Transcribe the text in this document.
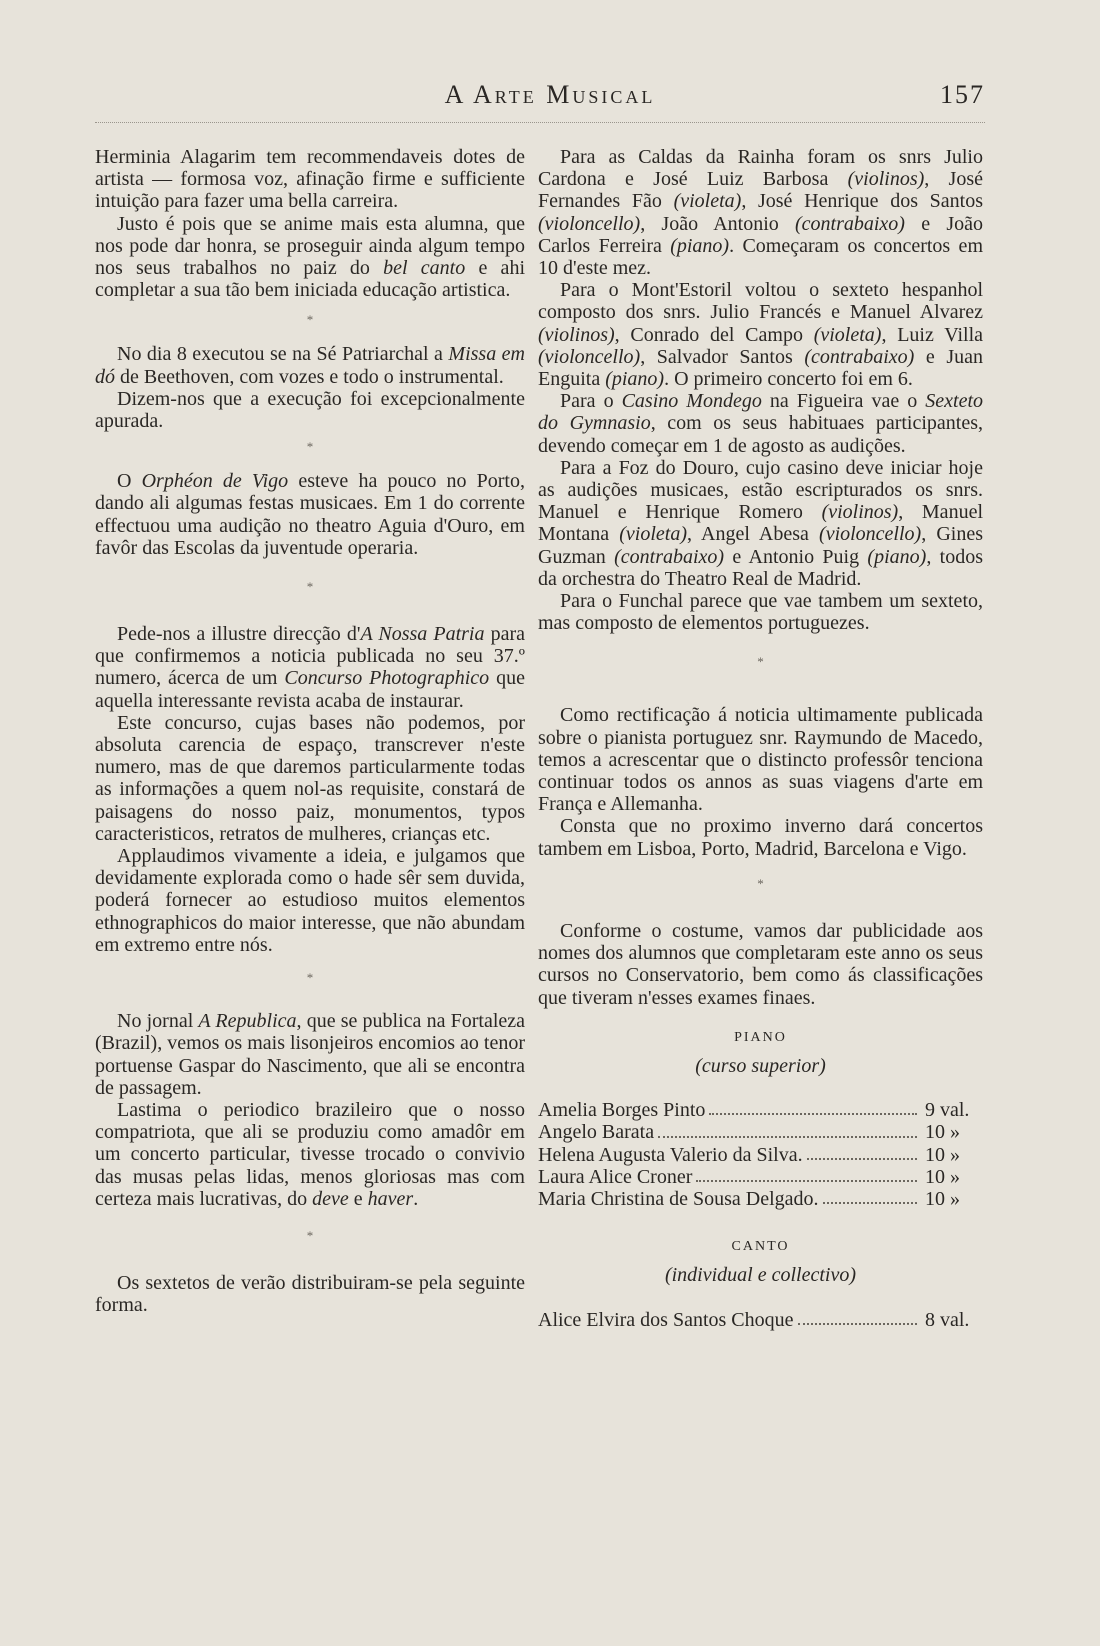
A Arte Musical	157

Herminia Alagarim tem recommendaveis dotes de artista — formosa voz, afinação firme e sufficiente intuição para fazer uma bella carreira.

Justo é pois que se anime mais esta alumna, que nos pode dar honra, se proseguir ainda algum tempo nos seus trabalhos no paiz do bel canto e ahi completar a sua tão bem iniciada educação artistica.

*

No dia 8 executou se na Sé Patriarchal a Missa em dó de Beethoven, com vozes e todo o instrumental.

Dizem-nos que a execução foi excepcionalmente apurada.

*

O Orphéon de Vigo esteve ha pouco no Porto, dando ali algumas festas musicaes. Em 1 do corrente effectuou uma audição no theatro Aguia d'Ouro, em favôr das Escolas da juventude operaria.

*

Pede-nos a illustre direcção d'A Nossa Patria para que confirmemos a noticia publicada no seu 37.º numero, ácerca de um Concurso Photographico que aquella interessante revista acaba de instaurar.

Este concurso, cujas bases não podemos, por absoluta carencia de espaço, transcrever n'este numero, mas de que daremos particularmente todas as informações a quem nol-as requisite, constará de paisagens do nosso paiz, monumentos, typos caracteristicos, retratos de mulheres, crianças etc.

Applaudimos vivamente a ideia, e julgamos que devidamente explorada como o hade sêr sem duvida, poderá fornecer ao estudioso muitos elementos ethnographicos do maior interesse, que não abundam em extremo entre nós.

*

No jornal A Republica, que se publica na Fortaleza (Brazil), vemos os mais lisonjeiros encomios ao tenor portuense Gaspar do Nascimento, que ali se encontra de passagem.

Lastima o periodico brazileiro que o nosso compatriota, que ali se produziu como amadôr em um concerto particular, tivesse trocado o convivio das musas pelas lidas, menos gloriosas mas com certeza mais lucrativas, do deve e haver.

*

Os sextetos de verão distribuiram-se pela seguinte forma.

Para as Caldas da Rainha foram os snrs Julio Cardona e José Luiz Barbosa (violinos), José Fernandes Fão (violeta), José Henrique dos Santos (violoncello), João Antonio (contrabaixo) e João Carlos Ferreira (piano). Começaram os concertos em 10 d'este mez.

Para o Mont'Estoril voltou o sexteto hespanhol composto dos snrs. Julio Francés e Manuel Alvarez (violinos), Conrado del Campo (violeta), Luiz Villa (violoncello), Salvador Santos (contrabaixo) e Juan Enguita (piano). O primeiro concerto foi em 6.

Para o Casino Mondego na Figueira vae o Sexteto do Gymnasio, com os seus habituaes participantes, devendo começar em 1 de agosto as audições.

Para a Foz do Douro, cujo casino deve iniciar hoje as audições musicaes, estão escripturados os snrs. Manuel e Henrique Romero (violinos), Manuel Montana (violeta), Angel Abesa (violoncello), Gines Guzman (contrabaixo) e Antonio Puig (piano), todos da orchestra do Theatro Real de Madrid.

Para o Funchal parece que vae tambem um sexteto, mas composto de elementos portuguezes.

*

Como rectificação á noticia ultimamente publicada sobre o pianista portuguez snr. Raymundo de Macedo, temos a acrescentar que o distincto professôr tenciona continuar todos os annos as suas viagens d'arte em França e Allemanha.

Consta que no proximo inverno dará concertos tambem em Lisboa, Porto, Madrid, Barcelona e Vigo.

*

Conforme o costume, vamos dar publicidade aos nomes dos alumnos que completaram este anno os seus cursos no Conservatorio, bem como ás classificações que tiveram n'esses exames finaes.

PIANO
(curso superior)
Amelia Borges Pinto	9 val.
Angelo Barata	10 »
Helena Augusta Valerio da Silva.	10 »
Laura Alice Croner	10 »
Maria Christina de Sousa Delgado.	10 »
CANTO
(individual e collectivo)
Alice Elvira dos Santos Choque	8 val.
